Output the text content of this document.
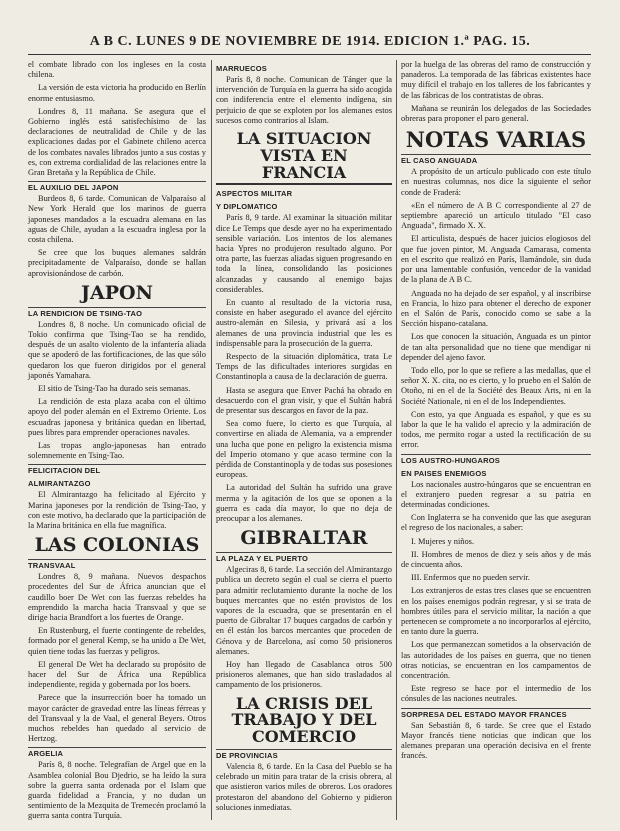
A B C. LUNES 9 DE NOVIEMBRE DE 1914. EDICION 1.ª PAG. 15.

el combate librado con los ingleses en la costa chilena.

La versión de esta victoria ha producido en Berlín enorme entusiasmo.

Londres 8, 11 mañana. Se asegura que el Gobierno inglés está satisfechísimo de las declaraciones de neutralidad de Chile y de las explicaciones dadas por el Gabinete chileno acerca de los combates navales librados junto a sus costas y es, con extrema cordialidad de las relaciones entre la Gran Bretaña y la República de Chile.

EL AUXILIO DEL JAPON

Burdeos 8, 6 tarde. Comunican de Valparaíso al New York Herald que los marinos de guerra japoneses mandados a la escuadra alemana en las aguas de Chile, ayudan a la escuadra inglesa por la costa chilena.

Se cree que los buques alemanes saldrán precipitadamente de Valparaíso, donde se hallan aprovisionándose de carbón.

JAPON
LA RENDICION DE TSING-TAO

Londres 8, 8 noche. Un comunicado oficial de Tokio confirma que Tsing-Tao se ha rendido, después de un asalto violento de la infantería aliada que se apoderó de las fortificaciones, de las que sólo quedaron los que fueron dirigidos por el general japonés Yamahara.

El sitio de Tsing-Tao ha durado seis semanas.

La rendición de esta plaza acaba con el último apoyo del poder alemán en el Extremo Oriente. Los escuadras japonesa y británica quedan en libertad, pues libres para emprender operaciones navales.

Las tropas anglo-japonesas han entrado solemnemente en Tsing-Tao.

FELICITACION DEL
ALMIRANTAZGO

El Almirantazgo ha felicitado al Ejército y Marina japoneses por la rendición de Tsing-Tao, y con este motivo, ha declarado que la participación de la Marina británica en ella fue magnífica.

LAS COLONIAS
TRANSVAAL

Londres 8, 9 mañana. Nuevos despachos procedentes del Sur de África anuncian que el caudillo boer De Wet con las fuerzas rebeldes ha emprendido la marcha hacia Transvaal y que se dirige hacia Brandfort a los fuertes de Orange.

En Rustenburg, el fuerte contingente de rebeldes, formado por el general Kemp, se ha unido a De Wet, quien tiene todas las fuerzas y peligros.

El general De Wet ha declarado su propósito de hacer del Sur de África una República independiente, regida y gobernada por los boers.

Parece que la insurrección boer ha tomado un mayor carácter de gravedad entre las líneas férreas y del Transvaal y la de Vaal, el general Beyers. Otros muchos rebeldes han quedado al servicio de Hertzog.

ARGELIA

París 8, 8 noche. Telegrafían de Argel que en la Asamblea colonial Bou Djedrio, se ha leído la sura sobre la guerra santa ordenada por el Islam que guarda fidelidad a Francia, y no dudan un sentimiento de la Mezquita de Tremecén proclamó la guerra santa contra Turquía.

MARRUECOS

París 8, 8 noche. Comunican de Tánger que la intervención de Turquía en la guerra ha sido acogida con indiferencia entre el elemento indígena, sin perjuicio de que se exploten por los alemanes estos sucesos como contrarios al Islam.

LA SITUACION VISTA EN FRANCIA
ASPECTOS MILITAR
Y DIPLOMATICO

París 8, 9 tarde. Al examinar la situación militar dice Le Temps que desde ayer no ha experimentado sensible variación. Los intentos de los alemanes hacia Ypres no produjeron resultado alguno. Por otra parte, las fuerzas aliadas siguen progresando en toda la línea, consolidando las posiciones alcanzadas y causando al enemigo bajas considerables.

En cuanto al resultado de la victoria rusa, consiste en haber asegurado el avance del ejército austro-alemán en Silesia, y privará así a los alemanes de una provincia industrial que les es indispensable para la prosecución de la guerra.

Respecto de la situación diplomática, trata Le Temps de las dificultades interiores surgidas en Constantinopla a causa de la declaración de guerra.

Hasta se asegura que Enver Pachá ha obrado en desacuerdo con el gran visir, y que el Sultán habrá de presentar sus descargos en favor de la paz.

Sea como fuere, lo cierto es que Turquía, al convertirse en aliada de Alemania, va a emprender una lucha que pone en peligro la existencia misma del Imperio otomano y que acaso termine con la pérdida de Constantinopla y de todas sus posesiones europeas.

La autoridad del Sultán ha sufrido una grave merma y la agitación de los que se oponen a la guerra es cada día mayor, lo que no deja de preocupar a los alemanes.

GIBRALTAR
LA PLAZA Y EL PUERTO

Algeciras 8, 6 tarde. La sección del Almirantazgo publica un decreto según el cual se cierra el puerto para admitir reclutamiento durante la noche de los buques mercantes que no estén provistos de los vapores de la escuadra, que se presentarán en el puerto de Gibraltar 17 buques cargados de carbón y en él están los barcos mercantes que proceden de Génova y de Barcelona, así como 50 prisioneros alemanes.

Hoy han llegado de Casablanca otros 500 prisioneros alemanes, que han sido trasladados al campamento de los prisioneros.

LA CRISIS DEL TRABAJO Y DEL COMERCIO
DE PROVINCIAS

Valencia 8, 6 tarde. En la Casa del Pueblo se ha celebrado un mitin para tratar de la crisis obrera, al que asistieron varios miles de obreros. Los oradores protestaron del abandono del Gobierno y pidieron soluciones inmediatas.

por la huelga de las obreras del ramo de construcción y panaderos. La temporada de las fábricas existentes hace muy difícil el trabajo en los talleres de los fabricantes y de las fábricas de los contratistas de obras.

Mañana se reunirán los delegados de las Sociedades obreras para proponer el paro general.

NOTAS VARIAS
EL CASO ANGUADA

A propósito de un artículo publicado con este título en nuestras columnas, nos dice la siguiente el señor conde de Fraderá:

«En el número de A B C correspondiente al 27 de septiembre apareció un artículo titulado "El caso Anguada", firmado X. X.

El articulista, después de hacer juicios elogiosos del que fue joven pintor, M. Anguada Camarasa, comenta en el escrito que realizó en París, llamándole, sin duda por una lamentable confusión, vencedor de la vanidad de la plana de A B C.

Anguada no ha dejado de ser español, y al inscribirse en Francia, lo hizo para obtener el derecho de exponer en el Salón de París, conocido como se sabe a la Sección hispano-catalana.

Los que conocen la situación, Anguada es un pintor de tan alta personalidad que no tiene que mendigar ni depender del ajeno favor.

Todo ello, por lo que se refiere a las medallas, que el señor X. X. cita, no es cierto, y lo pruebo en el Salón de Otoño, ni en el de la Société des Beaux Arts, ni en la Société Nationale, ni en el de los Independientes.

Con esto, ya que Anguada es español, y que es su labor la que le ha valido el aprecio y la admiración de todos, me permito rogar a usted la rectificación de su error.

LOS AUSTRO-HUNGAROS
EN PAISES ENEMIGOS

Los nacionales austro-húngaros que se encuentran en el extranjero pueden regresar a su patria en determinadas condiciones.

Con Inglaterra se ha convenido que las que aseguran el regreso de los nacionales, a saber:

I. Mujeres y niños.

II. Hombres de menos de diez y seis años y de más de cincuenta años.

III. Enfermos que no pueden servir.

Los extranjeros de estas tres clases que se encuentren en los países enemigos podrán regresar, y si se trata de hombres útiles para el servicio militar, la nación a que pertenecen se compromete a no incorporarlos al ejército, en tanto dure la guerra.

Los que permanezcan sometidos a la observación de las autoridades de los países en guerra, que no tienen otras noticias, se encuentran en los campamentos de concentración.

Este regreso se hace por el intermedio de los cónsules de las naciones neutrales.

SORPRESA DEL ESTADO MAYOR FRANCES

San Sebastián 8, 6 tarde. Se cree que el Estado Mayor francés tiene noticias que indican que los alemanes preparan una operación decisiva en el frente francés.
